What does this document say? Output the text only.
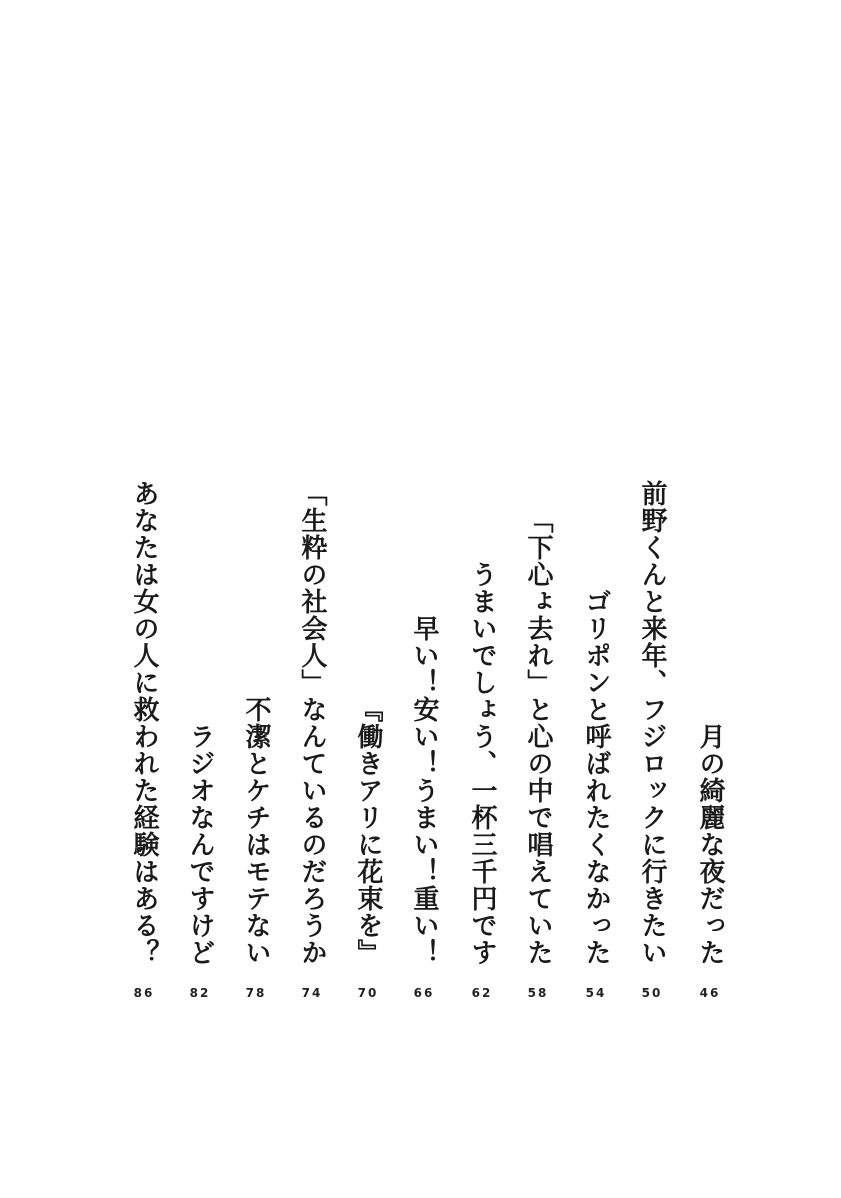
月の綺麗な夜だった
46
前野くんと来年、フジロックに行きたい
50
ゴリポンと呼ばれたくなかった
54
「下心ょ去れ」と心の中で唱えていた
58
うまいでしょう、一杯三千円です
62
早い！安い！うまい！重い！
66
『働きアリに花束を』
70
「生粋の社会人」なんているのだろうか
74
不潔とケチはモテない
78
ラジオなんですけど
82
あなたは女の人に救われた経験はある？
86
